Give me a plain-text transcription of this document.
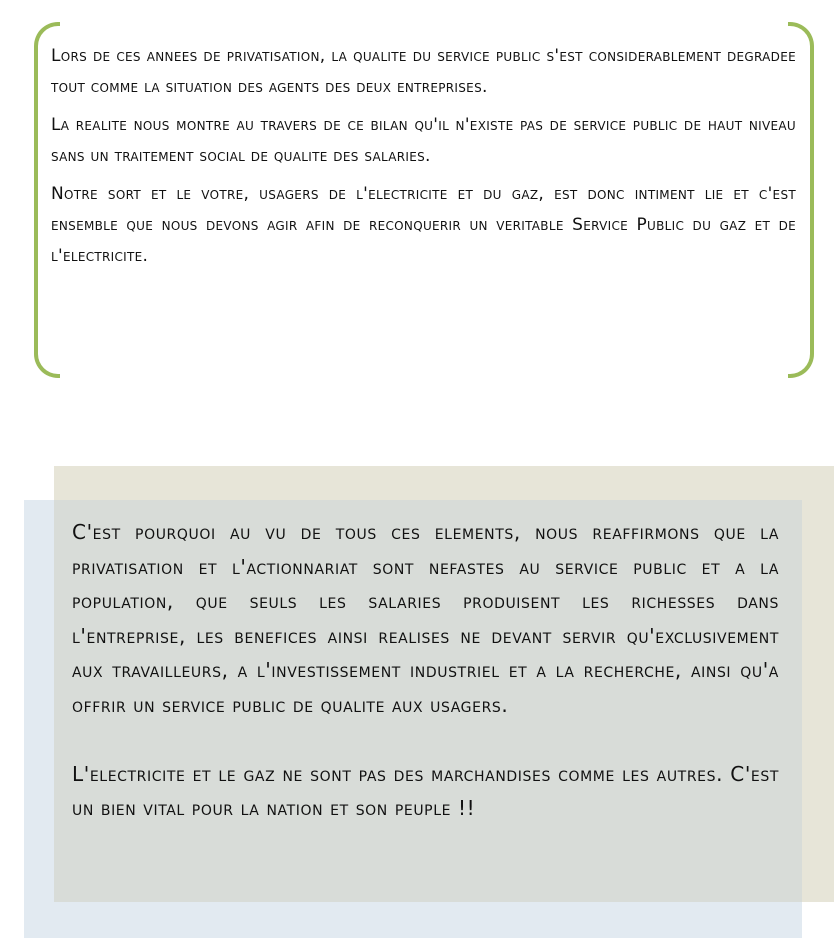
Lors de ces annees de privatisation, la qualite du service public s'est considerablement degradee tout comme la situation des agents des deux entreprises.

La realite nous montre au travers de ce bilan qu'il n'existe pas de service public de haut niveau sans un traitement social de qualite des salaries.

Notre sort et le votre, usagers de l'electricite et du gaz, est donc intiment lie et c'est ensemble que nous devons agir afin de reconquerir un veritable Service Public du gaz et de l'electricite.

C'est pourquoi au vu de tous ces elements, nous reaffirmons que la privatisation et l'actionnariat sont nefastes au service public et a la population, que seuls les salaries produisent les richesses dans l'entreprise, les benefices ainsi realises ne devant servir qu'exclusivement aux travailleurs, a l'investissement industriel et a la recherche, ainsi qu'a offrir un service public de qualite aux usagers.

L'electricite et le gaz ne sont pas des marchandises comme les autres. C'est un bien vital pour la nation et son peuple !!
